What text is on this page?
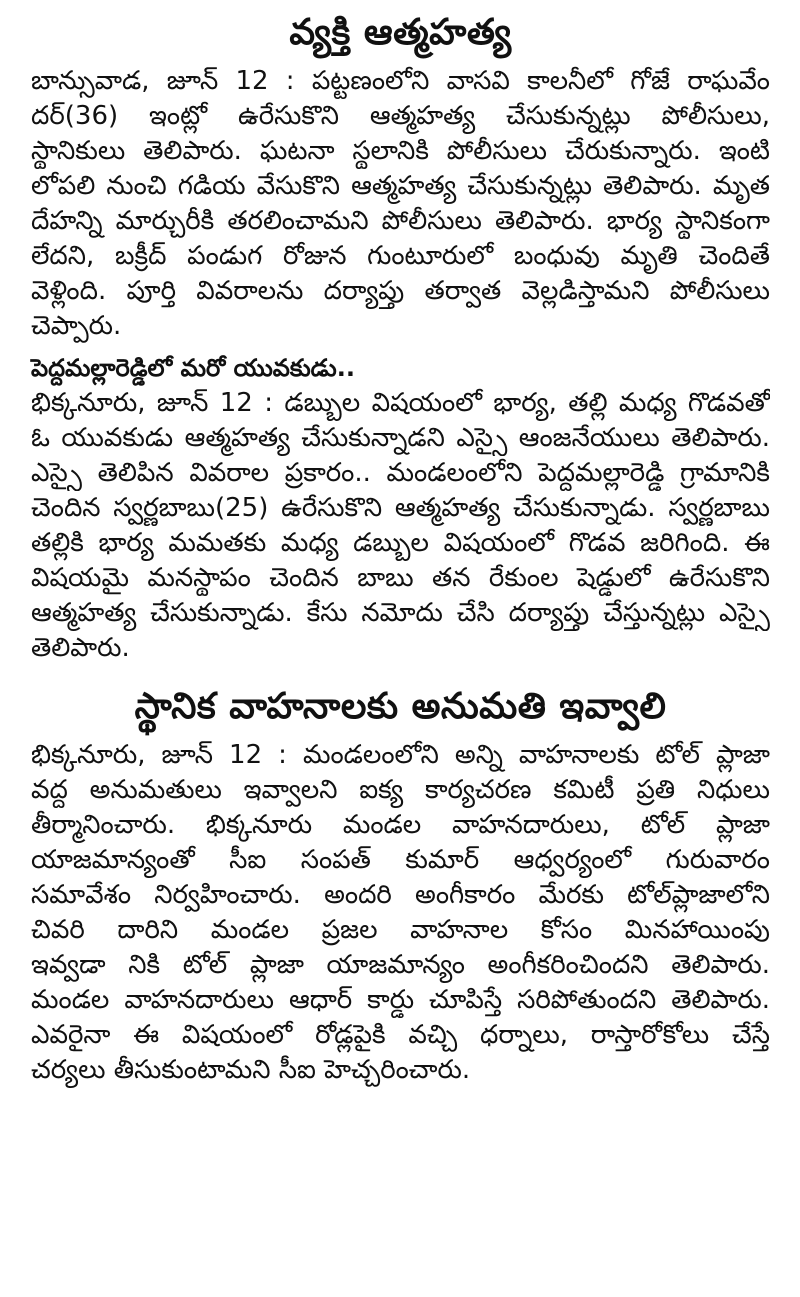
వ్యక్తి ఆత్మహత్య
బాన్సువాడ, జూన్ 12 : పట్టణంలోని వాసవి కాలనీలో గోజే రాఘవేం
దర్(36) ఇంట్లో ఉరేసుకొని ఆత్మహత్య చేసుకున్నట్లు పోలీసులు,
స్థానికులు తెలిపారు. ఘటనా స్థలానికి పోలీసులు చేరుకున్నారు. ఇంటి
లోపలి నుంచి గడియ వేసుకొని ఆత్మహత్య చేసుకున్నట్లు తెలిపారు. మృత
దేహన్ని మార్చురీకి తరలించామని పోలీసులు తెలిపారు. భార్య స్థానికంగా
లేదని, బక్రీద్ పండుగ రోజున గుంటూరులో బంధువు మృతి చెందితే
వెళ్లింది. పూర్తి వివరాలను దర్యాప్తు తర్వాత వెల్లడిస్తామని పోలీసులు
చెప్పారు.
పెద్దమల్లారెడ్డిలో మరో యువకుడు..
భిక్కనూరు, జూన్ 12 : డబ్బుల విషయంలో భార్య, తల్లి మధ్య గొడవతో
ఓ యువకుడు ఆత్మహత్య చేసుకున్నాడని ఎస్సై ఆంజనేయులు తెలిపారు.
ఎస్సై తెలిపిన వివరాల ప్రకారం.. మండలంలోని పెద్దమల్లారెడ్డి గ్రామానికి
చెందిన స్వర్ణబాబు(25) ఉరేసుకొని ఆత్మహత్య చేసుకున్నాడు. స్వర్ణబాబు
తల్లికి భార్య మమతకు మధ్య డబ్బుల విషయంలో గొడవ జరిగింది. ఈ
విషయమై మనస్థాపం చెందిన బాబు తన రేకుంల షెడ్డులో ఉరేసుకొని
ఆత్మహత్య చేసుకున్నాడు. కేసు నమోదు చేసి దర్యాప్తు చేస్తున్నట్లు ఎస్సై
తెలిపారు.
స్థానిక వాహనాలకు అనుమతి ఇవ్వాలి
భిక్కనూరు, జూన్ 12 : మండలంలోని అన్ని వాహనాలకు టోల్ ప్లాజా
వద్ద అనుమతులు ఇవ్వాలని ఐక్య కార్యచరణ కమిటీ ప్రతి నిధులు
తీర్మానించారు. భిక్కనూరు మండల వాహనదారులు, టోల్ ప్లాజా
యాజమాన్యంతో సీఐ సంపత్ కుమార్ ఆధ్వర్యంలో గురువారం
సమావేశం నిర్వహించారు. అందరి అంగీకారం మేరకు టోల్‌ప్లాజాలోని
చివరి దారిని మండల ప్రజల వాహనాల కోసం మినహాయింపు
ఇవ్వడా నికి టోల్ ప్లాజా యాజమాన్యం అంగీకరించిందని తెలిపారు.
మండల వాహనదారులు ఆధార్ కార్డు చూపిస్తే సరిపోతుందని తెలిపారు.
ఎవరైనా ఈ విషయంలో రోడ్లపైకి వచ్చి ధర్నాలు, రాస్తారోకోలు చేస్తే
చర్యలు తీసుకుంటామని సీఐ హెచ్చరించారు.
